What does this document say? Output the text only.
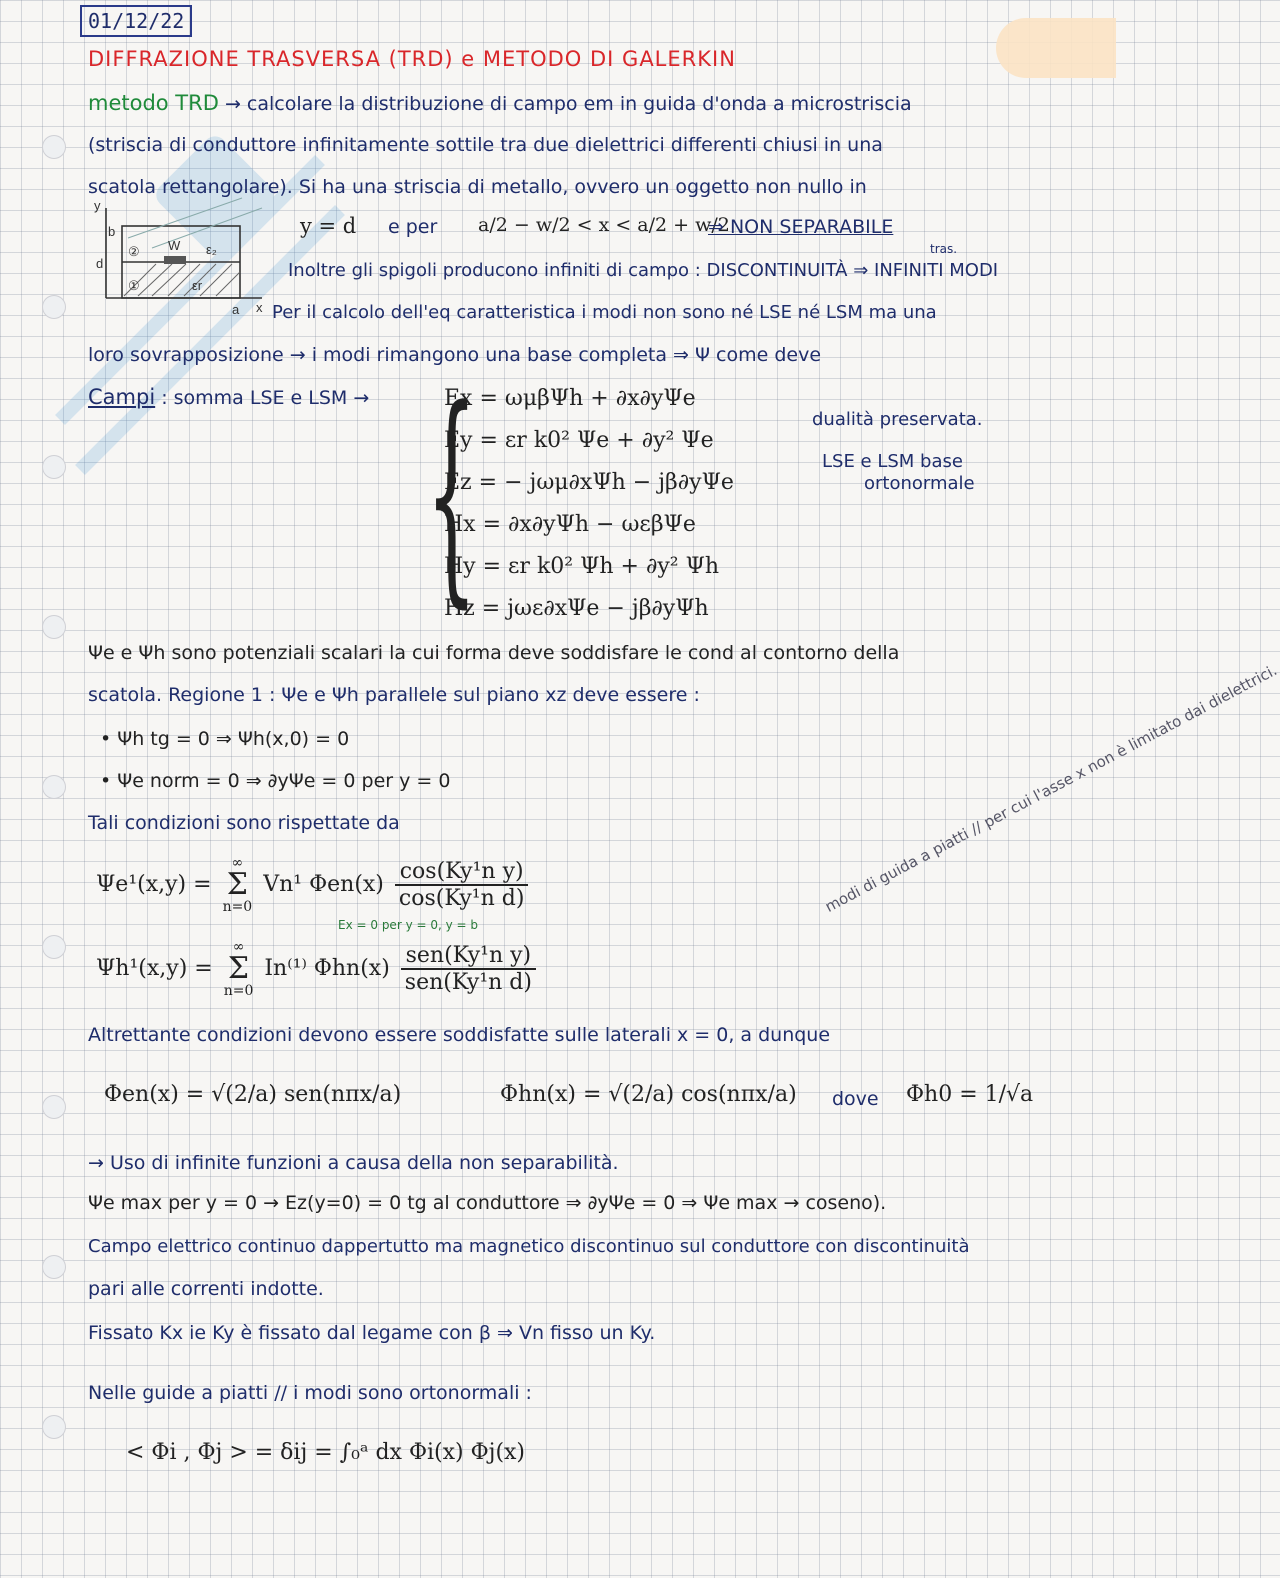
01/12/22
DIFFRAZIONE TRASVERSA (TRD) e METODO DI GALERKIN
metodo TRD → calcolare la distribuzione di campo em in guida d'onda a microstriscia
(striscia di conduttore infinitamente sottile tra due dielettrici differenti chiusi in una
scatola rettangolare). Si ha una striscia di metallo, ovvero un oggetto non nullo in
y
b
d
②
①
W ε₂
εr
a x
y = d e per a/2 − w/2 < x < a/2 + w/2
⇒ NON SEPARABILE
Inoltre gli spigoli producono infiniti di campo : DISCONTINUITÀ ⇒ INFINITI MODI
tras.
Per il calcolo dell'eq caratteristica i modi non sono né LSE né LSM ma una
loro sovrapposizione → i modi rimangono una base completa ⇒ Ψ come deve
Campi : somma LSE e LSM → {
Ex = ωμβΨh + ∂x∂yΨe
Ey = εr k0² Ψe + ∂y² Ψe
Ez = − jωμ∂xΨh − jβ∂yΨe
Hx = ∂x∂yΨh − ωεβΨe
Hy = εr k0² Ψh + ∂y² Ψh
Hz = jωε∂xΨe − jβ∂yΨh
dualità preservata.
LSE e LSM base
ortonormale
Ψe e Ψh sono potenziali scalari la cui forma deve soddisfare le cond al contorno della
scatola. Regione 1 : Ψe e Ψh parallele sul piano xz deve essere :
• Ψh tg = 0 ⇒ Ψh(x,0) = 0
• Ψe norm = 0 ⇒ ∂yΨe = 0 per y = 0
Tali condizioni sono rispettate da
Ψe¹(x,y) = ∞
Σ
n=0 Vn¹ $\Phi en(x) \frac{\text{cos(Ky¹n y)}}{\text{cos(Ky¹n d)}}$
Ex = 0 per y = 0, y = b
Ψh¹(x,y) = ∞
Σ
n=0 In⁽¹⁾ $\Phi hn(x) \frac{\text{sen(Ky¹n y)}}{\text{sen(Ky¹n d)}}$
modi di guida a piatti // per cui l'asse x non è limitato dai dielettrici.
Altrettante condizioni devono essere soddisfatte sulle laterali x = 0, a dunque
Φen(x) = √(2/a) sen(nπx/a)	Φhn(x) = √(2/a) cos(nπx/a) dove Φh0 = 1/√a
→ Uso di infinite funzioni a causa della non separabilità.
Ψe max per y = 0 → Ez(y=0) = 0 tg al conduttore ⇒ ∂yΨe = 0 ⇒ Ψe max → coseno).
Campo elettrico continuo dappertutto ma magnetico discontinuo sul conduttore con discontinuità
pari alle correnti indotte.
Fissato Kx ie Ky è fissato dal legame con β ⇒ Vn fisso un Ky.
Nelle guide a piatti // i modi sono ortonormali :
< Φi , Φj > = δij = ∫₀ᵃ dx Φi(x) Φj(x)
